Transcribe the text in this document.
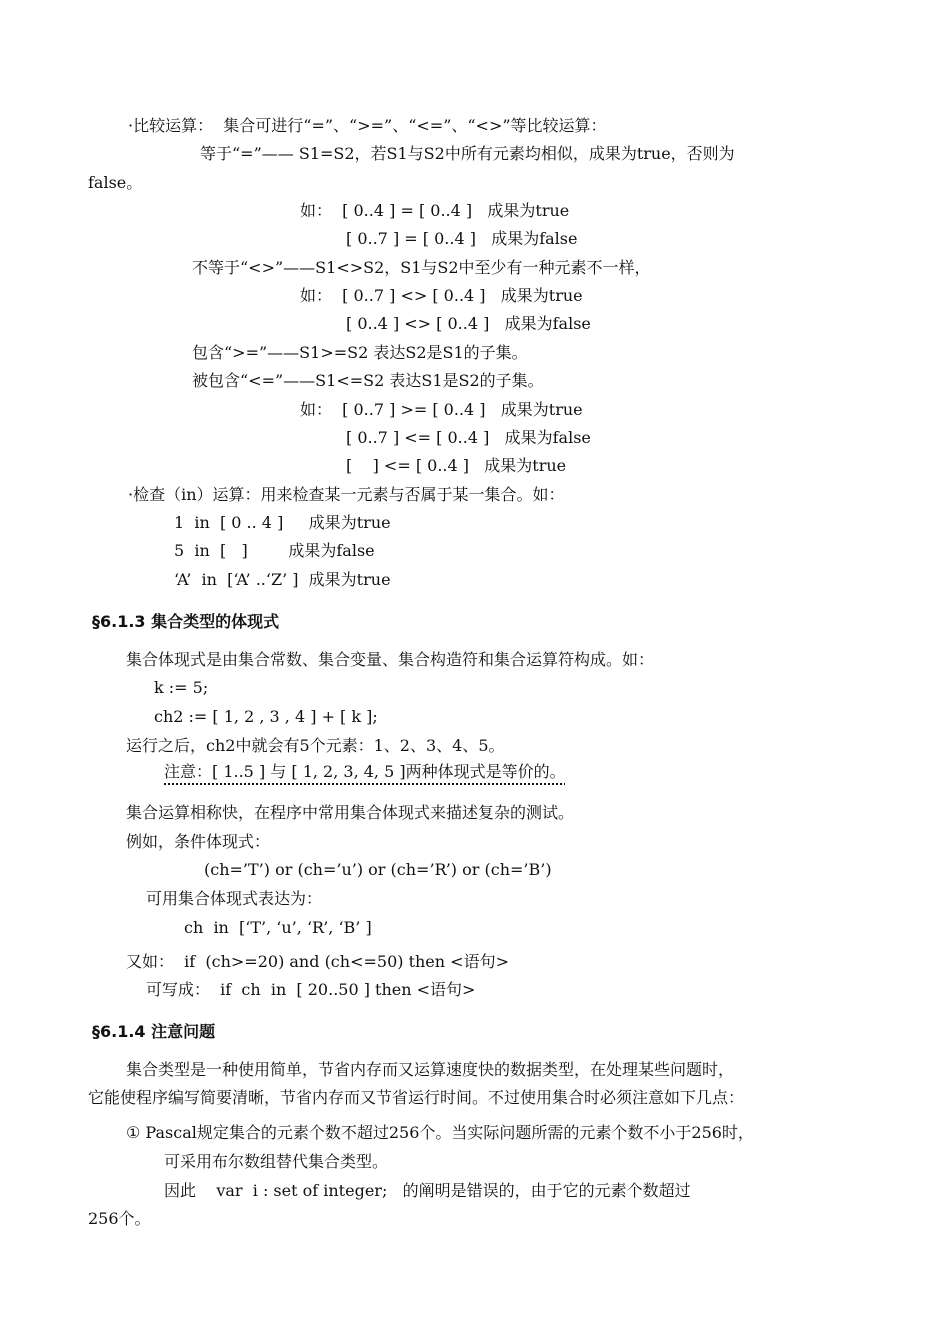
·比较运算：  集合可进行“=”、“>=”、“<=”、“<>”等比较运算：
等于“=”—— S1=S2，若S1与S2中所有元素均相似，成果为true，否则为
false。
如：  [ 0..4 ] = [ 0..4 ]   成果为true
[ 0..7 ] = [ 0..4 ]   成果为false
不等于“<>”——S1<>S2，S1与S2中至少有一种元素不一样，
如：  [ 0..7 ] <> [ 0..4 ]   成果为true
[ 0..4 ] <> [ 0..4 ]   成果为false
包含“>=”——S1>=S2 表达S2是S1的子集。
被包含“<=”——S1<=S2 表达S1是S2的子集。
如：  [ 0..7 ] >= [ 0..4 ]   成果为true
[ 0..7 ] <= [ 0..4 ]   成果为false
[    ] <= [ 0..4 ]   成果为true
·检查（in）运算：用来检查某一元素与否属于某一集合。如：
1  in  [ 0 .. 4 ]     成果为true
5  in  [   ]        成果为false
‘A’  in  [‘A’ ..‘Z’ ]  成果为true
§6.1.3 集合类型的体现式
集合体现式是由集合常数、集合变量、集合构造符和集合运算符构成。如：
k := 5;
ch2 := [ 1, 2 , 3 , 4 ] + [ k ];
运行之后，ch2中就会有5个元素：1、2、3、4、5。
注意：[ 1..5 ] 与 [ 1, 2, 3, 4, 5 ]两种体现式是等价的。
集合运算相称快，在程序中常用集合体现式来描述复杂的测试。
例如，条件体现式：
(ch=’T’) or (ch=’u’) or (ch=’R’) or (ch=’B’)
可用集合体现式表达为：
ch  in  [‘T’, ‘u’, ‘R’, ‘B’ ]
又如：  if  (ch>=20) and (ch<=50) then <语句>
可写成：  if  ch  in  [ 20..50 ] then <语句>
§6.1.4 注意问题
集合类型是一种使用简单，节省内存而又运算速度快的数据类型，在处理某些问题时，
它能使程序编写简要清晰，节省内存而又节省运行时间。不过使用集合时必须注意如下几点：
① Pascal规定集合的元素个数不超过256个。当实际问题所需的元素个数不小于256时，
可采用布尔数组替代集合类型。
因此    var  i : set of integer;   的阐明是错误的，由于它的元素个数超过
256个。
